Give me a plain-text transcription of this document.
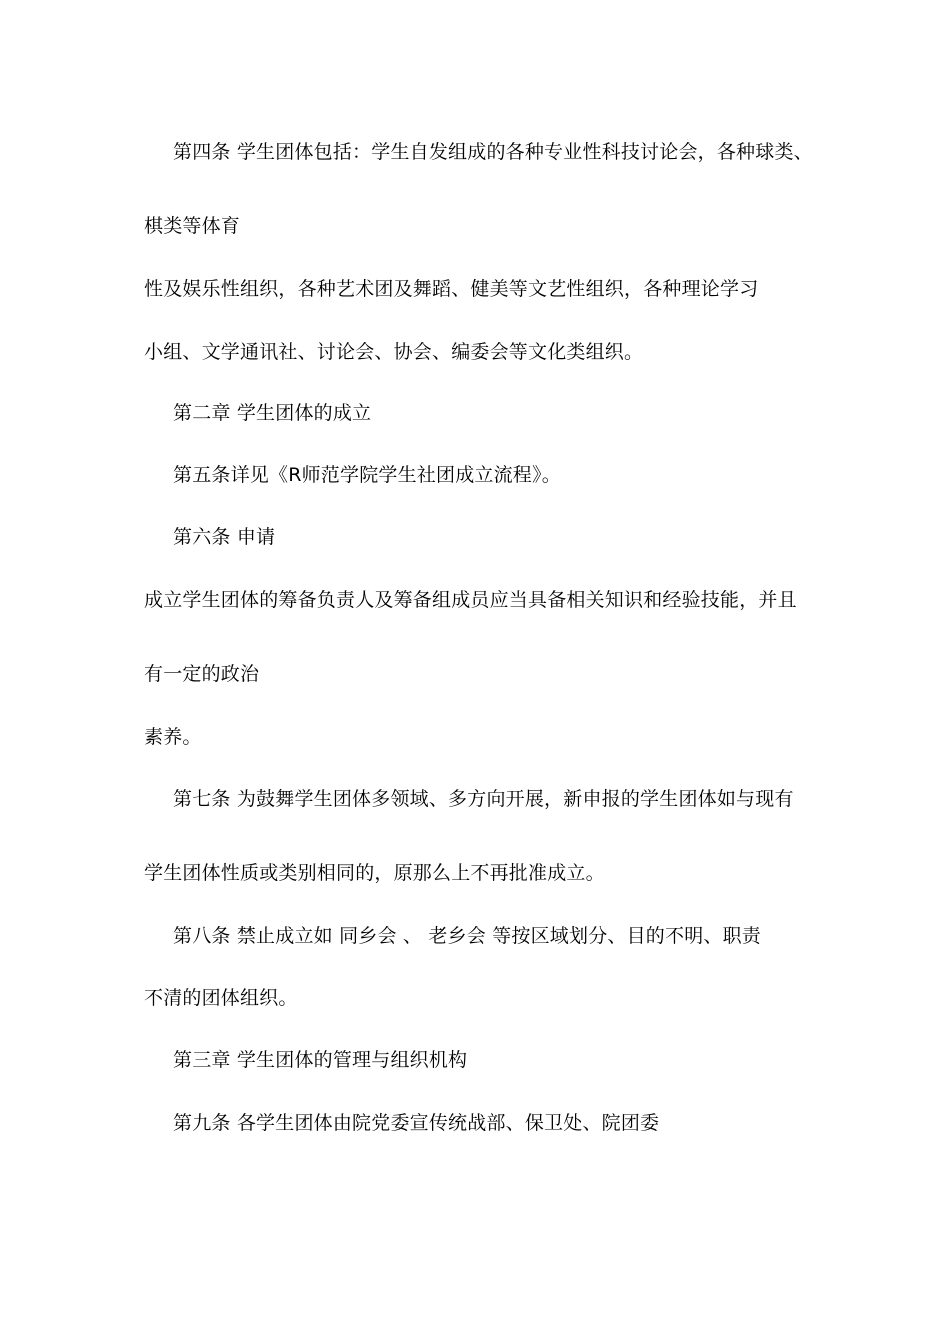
第四条 学生团体包括：学生自发组成的各种专业性科技讨论会，各种球类、
棋类等体育
性及娱乐性组织，各种艺术团及舞蹈、健美等文艺性组织，各种理论学习
小组、文学通讯社、讨论会、协会、编委会等文化类组织。
第二章 学生团体的成立
第五条详见《R师范学院学生社团成立流程》。
第六条 申请
成立学生团体的筹备负责人及筹备组成员应当具备相关知识和经验技能，并且
有一定的政治
素养。
第七条 为鼓舞学生团体多领域、多方向开展，新申报的学生团体如与现有
学生团体性质或类别相同的，原那么上不再批准成立。
第八条 禁止成立如 同乡会 、 老乡会 等按区域划分、目的不明、职责
不清的团体组织。
第三章 学生团体的管理与组织机构
第九条 各学生团体由院党委宣传统战部、保卫处、院团委
